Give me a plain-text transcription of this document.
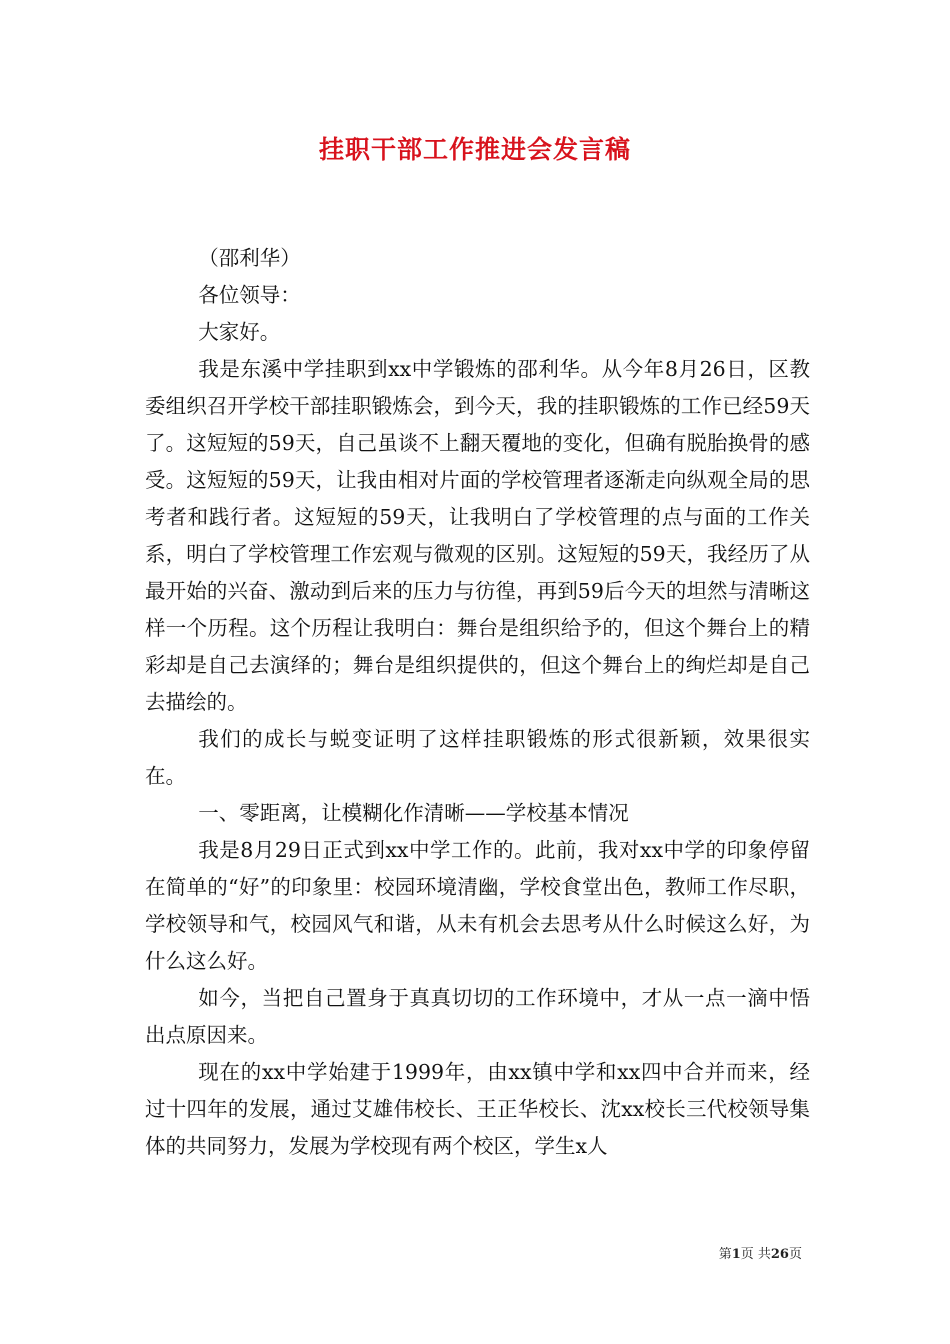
挂职干部工作推进会发言稿

（邵利华）

各位领导：

大家好。

我是东溪中学挂职到xx中学锻炼的邵利华。从今年8月26日，区教委组织召开学校干部挂职锻炼会，到今天，我的挂职锻炼的工作已经59天了。这短短的59天，自己虽谈不上翻天覆地的变化，但确有脱胎换骨的感受。这短短的59天，让我由相对片面的学校管理者逐渐走向纵观全局的思考者和践行者。这短短的59天，让我明白了学校管理的点与面的工作关系，明白了学校管理工作宏观与微观的区别。这短短的59天，我经历了从最开始的兴奋、激动到后来的压力与彷徨，再到59后今天的坦然与清晰这样一个历程。这个历程让我明白：舞台是组织给予的，但这个舞台上的精彩却是自己去演绎的；舞台是组织提供的，但这个舞台上的绚烂却是自己去描绘的。

我们的成长与蜕变证明了这样挂职锻炼的形式很新颖，效果很实在。

一、零距离，让模糊化作清晰——学校基本情况

我是8月29日正式到xx中学工作的。此前，我对xx中学的印象停留在简单的“好”的印象里：校园环境清幽，学校食堂出色，教师工作尽职，学校领导和气，校园风气和谐，从未有机会去思考从什么时候这么好，为什么这么好。

如今，当把自己置身于真真切切的工作环境中，才从一点一滴中悟出点原因来。

现在的xx中学始建于1999年，由xx镇中学和xx四中合并而来，经过十四年的发展，通过艾雄伟校长、王正华校长、沈xx校长三代校领导集体的共同努力，发展为学校现有两个校区，学生x人

第1页 共26页
